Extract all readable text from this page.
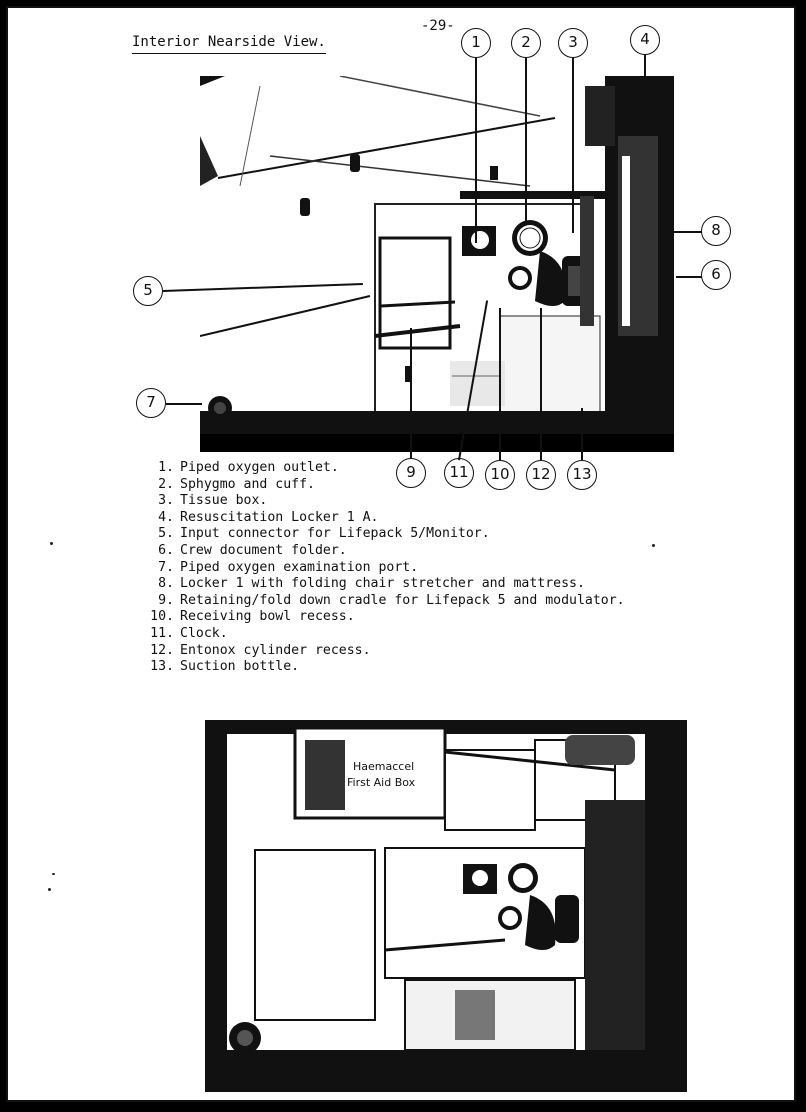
-29-
Interior Nearside View.	1	2	3	4
5
6
7
8
9	10
11	12	13
1. Piped oxygen outlet.
2. Sphygmo and cuff.
3. Tissue box.
4. Resuscitation Locker 1 A.
5. Input connector for Lifepack 5/Monitor.
6. Crew document folder.
7. Piped oxygen examination port.
8. Locker 1 with folding chair stretcher and mattress.
9. Retaining/fold down cradle for Lifepack 5 and modulator.
10. Receiving bowl recess.
11. Clock.
12. Entonox cylinder recess.
13. Suction bottle.
Haemaccel
First Aid Box
